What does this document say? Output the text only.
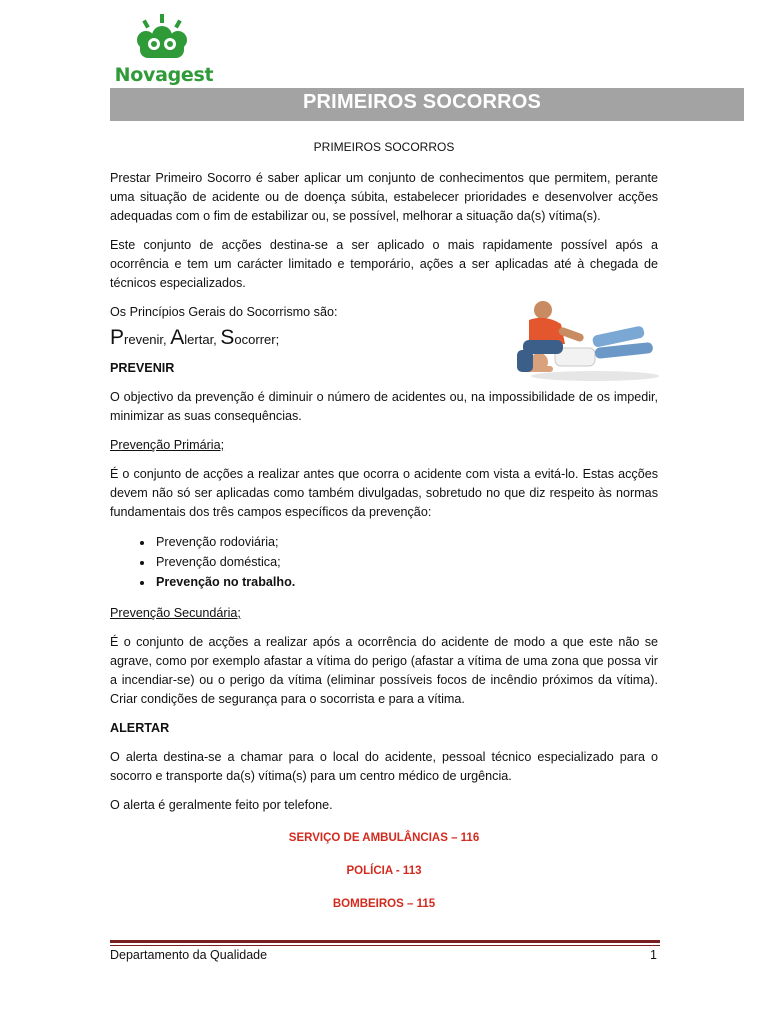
Novagest
PRIMEIROS SOCORROS

PRIMEIROS SOCORROS

Prestar Primeiro Socorro é saber aplicar um conjunto de conhecimentos que permitem, perante uma situação de acidente ou de doença súbita, estabelecer prioridades e desenvolver acções adequadas com o fim de estabilizar ou, se possível, melhorar a situação da(s) vítima(s).

Este conjunto de acções destina-se a ser aplicado o mais rapidamente possível após a ocorrência e tem um carácter limitado e temporário, ações a ser aplicadas até à chegada de técnicos especializados.

Os Princípios Gerais do Socorrismo são:

Prevenir, Alertar, Socorrer;

PREVENIR

O objectivo da prevenção é diminuir o número de acidentes ou, na impossibilidade de os impedir, minimizar as suas consequências.

Prevenção Primária;

É o conjunto de acções a realizar antes que ocorra o acidente com vista a evitá-lo. Estas acções devem não só ser aplicadas como também divulgadas, sobretudo no que diz respeito às normas fundamentais dos três campos específicos da prevenção:

• Prevenção rodoviária;
• Prevenção doméstica;
• Prevenção no trabalho.

Prevenção Secundária;

É o conjunto de acções a realizar após a ocorrência do acidente de modo a que este não se agrave, como por exemplo afastar a vítima do perigo (afastar a vítima de uma zona que possa vir a incendiar-se) ou o perigo da vítima (eliminar possíveis focos de incêndio próximos da vítima). Criar condições de segurança para o socorrista e para a vítima.

ALERTAR

O alerta destina-se a chamar para o local do acidente, pessoal técnico especializado para o socorro e transporte da(s) vítima(s) para um centro médico de urgência.

O alerta é geralmente feito por telefone.

SERVIÇO DE AMBULÂNCIAS – 116

POLÍCIA - 113

BOMBEIROS – 115

Departamento da Qualidade	1
